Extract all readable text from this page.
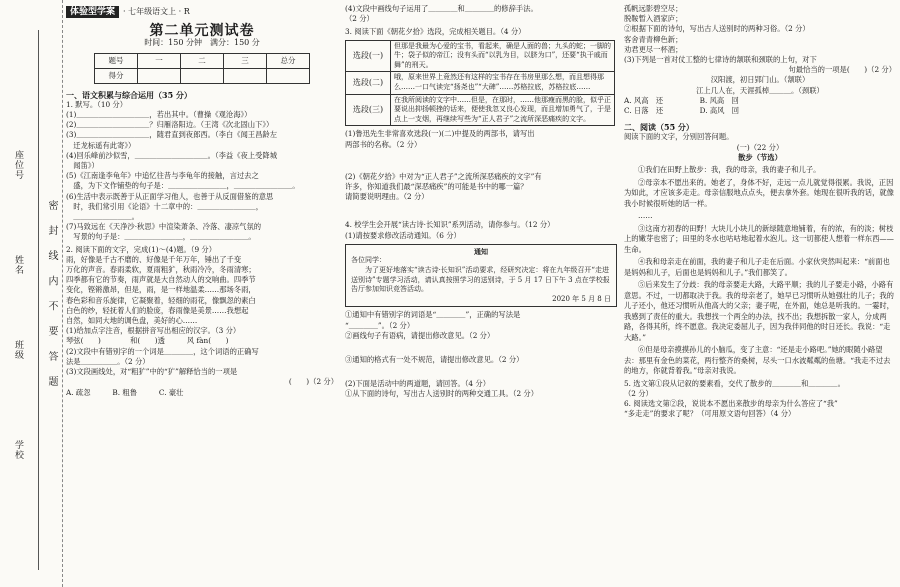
学校
班级
姓名
座位号
密 封 线 内 不 要 答 题
体验型学案	· 七年级语文上 · R
第二单元测试卷
时间：150 分钟　满分：150 分
题号	一	二	三	总分
得分				
一、语文积累与综合运用（35 分）
1. 默写。（10 分）
(1)＿＿＿＿＿＿＿＿＿＿，若出其中。（曹操《观沧海》）
(2)＿＿＿＿＿＿＿＿＿＿？归雁洛阳边。（王湾《次北固山下》）
(3)＿＿＿＿＿＿＿＿＿＿，随君直到夜郎西。（李白《闻王昌龄左
　迁龙标遥有此寄》）
(4)回乐峰前沙似雪，＿＿＿＿＿＿＿＿＿＿。（李益《夜上受降城
　闻笛》）
(5)《江南逢李龟年》中追忆往昔与李龟年的接触，言过去之
　盛，为下文作铺垫的句子是：＿＿＿＿＿＿＿＿，＿＿＿＿＿＿＿＿。
(6)生活中表示既善于从正面学习他人，也善于从反面借鉴的意思
　时，我们常引用《论语》十二章中的：＿＿＿＿＿＿＿＿，
　＿＿＿＿＿＿＿＿。
(7)马致远在《天净沙·秋思》中渲染萧条、冷落、凄凉气氛的
　写景的句子是：＿＿＿＿＿＿＿＿，＿＿＿＿＿＿＿＿。
2. 阅读下面的文字，完成(1)～(4)题。（9 分）
雨，好像是千古不磨的、好像是千年万年，锤出了千变
万化的声音。春雨柔软，夏雨粗犷，秋雨冷冷，冬雨清寒；
四季都有它的节奏，雨声就是大自然动人的交响曲。四季节
变化，铿锵激昂，但是，雨，是一样地温柔……那场冬雨，
春色彩和音乐旋律，它凝聚着，轻细的雨花，像飘忽的素白
白色的纱，轻抚着人们的脸庞，春雨像是美景……我想起
自然，如同大地的调色盘，美好的心……
(1)给加点字注音，根据拼音写出相应的汉字。（3 分）
琴弦(　　)　　　　和(　　)透　　　风 fàn(　　)
(2)文段中有错别字的一个词是＿＿＿＿，这个词语的正确写
法是＿＿＿＿＿。（2 分）
(3)文段画线处，对“粗犷”中的“犷”解释恰当的一项是
(　　)（2 分）
A. 疏忽　　　B. 粗鲁　　　C. 豪壮
(4)文段中画线句子运用了＿＿＿＿和＿＿＿＿的修辞手法。
（2 分）
3. 阅读下面《朝花夕拾》选段，完成相关题目。（4 分）
选段(一)	但那是我最为心爱的宝书，看起来，确是人面的兽；九头的蛇；一脚的牛；袋子似的帝江；没有头而“以乳为目，以脐为口”，还要“执干戚而舞”的刑天。
选段(二)	哦，原来世界上竟然还有这样的宝书存在书房里那么想，而且想得那么……一口气读完“扬尧也”“大碑”……苏格拉底，苏格拉底……
选段(三)	在我所阅读的文字中……但是，在那时，……他那瘦而黑的脸，似乎正要说出抑扬顿挫的话来，便使我忽又良心发现，而且增加勇气了，于是点上一支烟，再继续写些为“正人君子”之流所深恶痛疾的文字。
(1)鲁迅先生非常喜欢选段(一)(二)中提及的两部书，请写出
两部书的名称。（2 分）
(2)《朝花夕拾》中对为“正人君子”之流所深恶痛疾的文字”有
许多，你知道我们最“深恶痛疾”的可能是书中的哪一篇？
请简要说明理由。（2 分）
4. 校学生会开展“读古诗·长知识”系列活动，请你参与。（12 分）
(1)请按要求修改活动通知。（6 分）
通知
各位同学：
为了更好地落实“读古诗·长知识”活动要求，经研究决定：将在九年级召开“走进送别诗”专题学习活动，请认真按照学习的送别诗，于 5 月 17 日下午 3 点在学校报告厅参加知识竞答活动。
2020 年 5 月 8 日
①通知中有错别字的词语是“＿＿＿＿”，正确的写法是
“＿＿＿＿”。（2 分）
②画线句子有语病，请提出修改意见。（2 分）
③通知的格式有一处不规范，请提出修改意见。（2 分）
(2)下面是活动中的两道题，请回答。（4 分）
①从下面的诗句，写出古人送别时的两种交通工具。（2 分）
孤帆远影碧空尽；
脱鞍暂入酒家庐；
②根据下面的诗句，写出古人送别时的两种习俗。（2 分）
客舍青青柳色新；
劝君更尽一杯酒；
(3)下列是一首对仗工整的七律诗的颔联和颈联的上句，对下
句最恰当的一项是(　　)（2 分）
汉阳渡，初日郢门山。（颔联）
江上几人在，天涯孤棹＿＿＿。（颈联）
A. 风高　还　　　　　B. 风高　回
C. 日落　还　　　　　D. 高风　回
二、阅读（55 分）
阅读下面的文字，分别回答问题。
(一)（22 分）
散步（节选）
①我们在田野上散步：我，我的母亲，我的妻子和儿子。
②母亲本不愿出来的。她老了，身体不好，走远一点儿就觉得很累。我说，正因为如此，才应该多走走。母亲信服地点点头，便去拿外套。她现在很听我的话，就像我小时候很听她的话一样。
……
③这南方初春的田野！大块儿小块儿的新绿随意地铺着，有的浓，有的淡；树枝上的嫩芽也密了；田里的冬水也咕咕地起着水泡儿。这一切都使人想着一样东西——生命。
④我和母亲走在前面，我的妻子和儿子走在后面。小家伙突然叫起来：“前面也是妈妈和儿子，后面也是妈妈和儿子。”我们都笑了。
⑤后来发生了分歧：我的母亲要走大路，大路平顺；我的儿子要走小路，小路有意思。不过，一切都取决于我。我的母亲老了，她早已习惯听从她强壮的儿子；我的儿子还小，他还习惯听从他高大的父亲；妻子呢，在外面，她总是听我的。一霎时，我感到了责任的重大。我想找一个两全的办法，找不出；我想拆散一家人，分成两路，各得其所，终不愿意。我决定委屈儿子，因为我伴同他的时日还长。我说：“走大路。”
⑥但是母亲摸摸孙儿的小脑瓜，变了主意：“还是走小路吧。”她的眼随小路望去：那里有金色的菜花，两行整齐的桑树，尽头一口水波粼粼的鱼塘。“我走不过去的地方，你就背着我。”母亲对我说。
5. 选文第①段从记叙的要素看，交代了散步的＿＿＿＿和＿＿＿＿。
（2 分）
6. 阅读选文第②段，说说本不愿出来散步的母亲为什么答应了“我”
“多走走”的要求了呢？（可用原文语句回答）（4 分）
